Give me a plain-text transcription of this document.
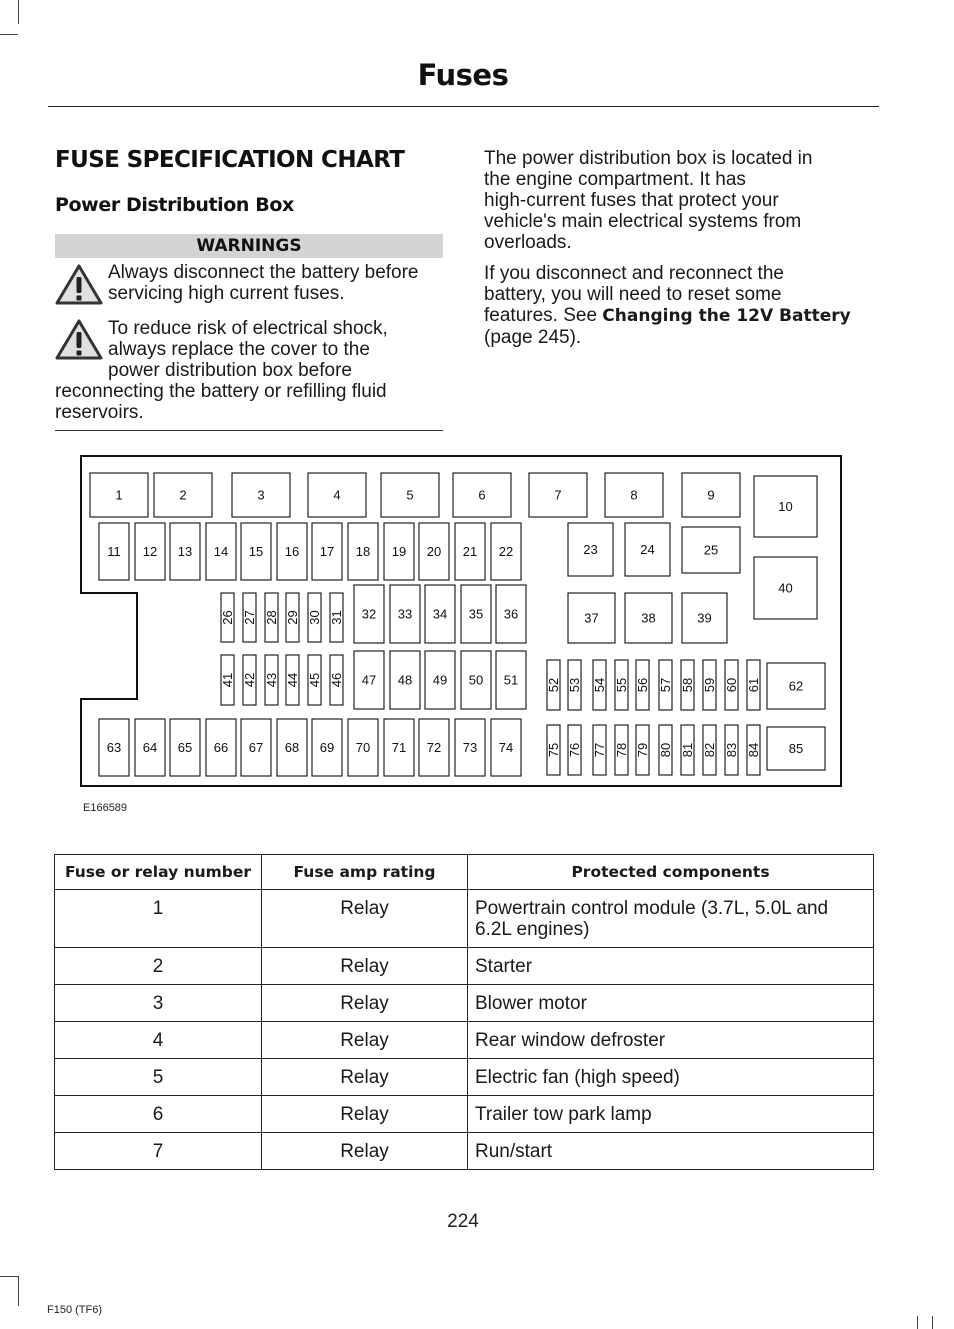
Fuses
FUSE SPECIFICATION CHART
Power Distribution Box
WARNINGS
Always disconnect the battery before
servicing high current fuses.
To reduce risk of electrical shock,
always replace the cover to the
power distribution box before
reconnecting the battery or refilling fluid
reservoirs.
The power distribution box is located in
the engine compartment. It has
high-current fuses that protect your
vehicle's main electrical systems from
overloads.
If you disconnect and reconnect the
battery, you will need to reset some
features. See Changing the 12V Battery
(page 245).
1	2	3	4	5	6	7	8	9
10
11 12 13 14 15 16 17 18 19 20 21 22	23	24	25
40
26 27 28 29 30 31 32 33 34 35 36	37	38	39
41 42 43 44 45 46 47 48 49 50 51 52 53 54 55 56 57 58 59 60 61 62
63 64 65 66 67 68 69 70 71 72 73 74	75 76 77 78 79 80 81 82 83 84 85
E166589
Fuse or relay number	Fuse amp rating	Protected components
1	Relay	Powertrain control module (3.7L, 5.0L and 6.2L engines)
2	Relay	Starter
3	Relay	Blower motor
4	Relay	Rear window defroster
5	Relay	Electric fan (high speed)
6	Relay	Trailer tow park lamp
7	Relay	Run/start
224
F150 (TF6)
